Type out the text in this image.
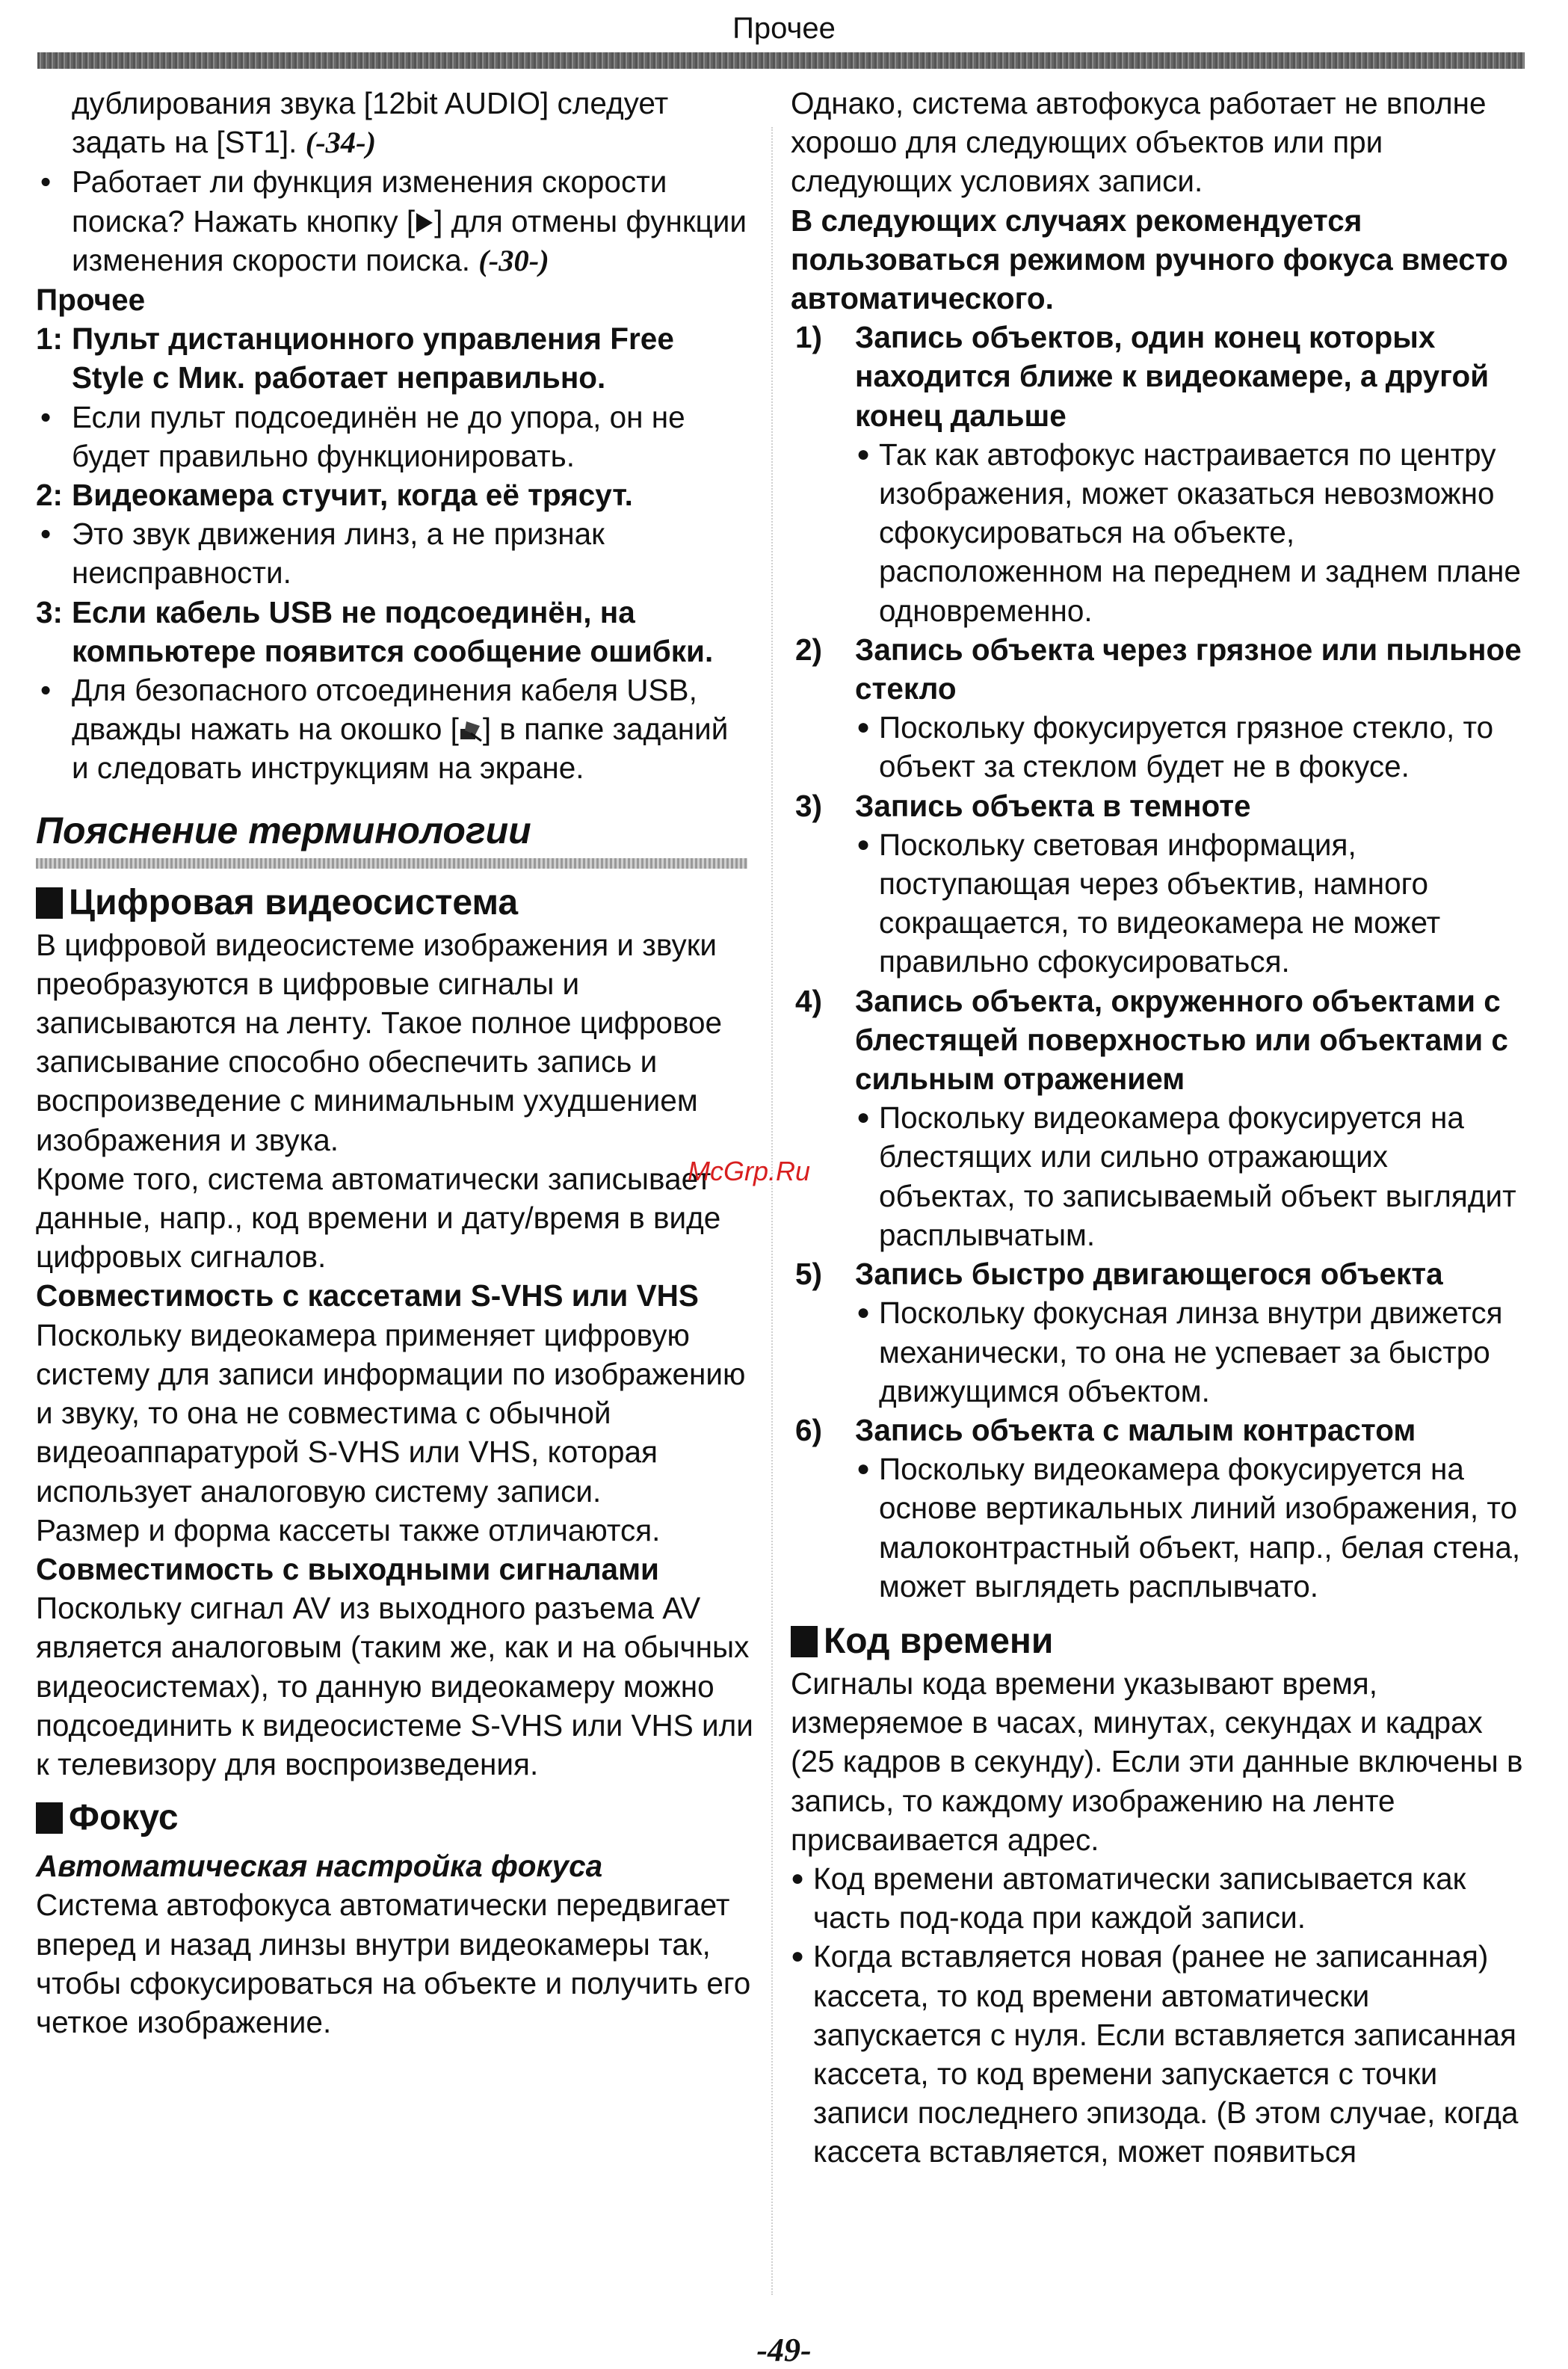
Прочее

дублирования звука [12bit AUDIO] следует задать на [ST1]. (-34-)

• Работает ли функция изменения скорости поиска? Нажать кнопку [ ] для отмены функции изменения скорости поиска. (-30-)

Прочее

1: Пульт дистанционного управления Free Style с Мик. работает неправильно.

• Если пульт подсоединён не до упора, он не будет правильно функционировать.

2: Видеокамера стучит, когда её трясут.

• Это звук движения линз, а не признак неисправности.

3: Если кабель USB не подсоединён, на компьютере появится сообщение ошибки.

• Для безопасного отсоединения кабеля USB, дважды нажать на окошко [ ] в папке заданий и следовать инструкциям на экране.

Пояснение терминологии

Цифровая видеосистема

В цифровой видеосистеме изображения и звуки преобразуются в цифровые сигналы и записываются на ленту. Такое полное цифровое записывание способно обеспечить запись и воспроизведение с минимальным ухудшением изображения и звука.

Кроме того, система автоматически записывает данные, напр., код времени и дату/время в виде цифровых сигналов.

Совместимость с кассетами S-VHS или VHS

Поскольку видеокамера применяет цифровую систему для записи информации по изображению и звуку, то она не совместима с обычной видеоаппаратурой S-VHS или VHS, которая использует аналоговую систему записи.

Размер и форма кассеты также отличаются.

Совместимость с выходными сигналами

Поскольку сигнал AV из выходного разъема AV является аналоговым (таким же, как и на обычных видеосистемах), то данную видеокамеру можно подсоединить к видеосистеме S-VHS или VHS или к телевизору для воспроизведения.

Фокус

Автоматическая настройка фокуса

Система автофокуса автоматически передвигает вперед и назад линзы внутри видеокамеры так, чтобы сфокусироваться на объекте и получить его четкое изображение.

Однако, система автофокуса работает не вполне хорошо для следующих объектов или при следующих условиях записи.

В следующих случаях рекомендуется пользоваться режимом ручного фокуса вместо автоматического.

1) Запись объектов, один конец которых находится ближе к видеокамере, а другой конец дальше

● Так как автофокус настраивается по центру изображения, может оказаться невозможно сфокусироваться на объекте, расположенном на переднем и заднем плане одновременно.

2) Запись объекта через грязное или пыльное стекло

● Поскольку фокусируется грязное стекло, то объект за стеклом будет не в фокусе.

3) Запись объекта в темноте

● Поскольку световая информация, поступающая через объектив, намного сокращается, то видеокамера не может правильно сфокусироваться.

4) Запись объекта, окруженного объектами с блестящей поверхностью или объектами с сильным отражением

● Поскольку видеокамера фокусируется на блестящих или сильно отражающих объектах, то записываемый объект выглядит расплывчатым.

5) Запись быстро двигающегося объекта

● Поскольку фокусная линза внутри движется механически, то она не успевает за быстро движущимся объектом.

6) Запись объекта с малым контрастом

● Поскольку видеокамера фокусируется на основе вертикальных линий изображения, то малоконтрастный объект, напр., белая стена, может выглядеть расплывчато.

Код времени

Сигналы кода времени указывают время, измеряемое в часах, минутах, секундах и кадрах (25 кадров в секунду). Если эти данные включены в запись, то каждому изображению на ленте присваивается адрес.

● Код времени автоматически записывается как часть под-кода при каждой записи.

● Когда вставляется новая (ранее не записанная) кассета, то код времени автоматически запускается с нуля. Если вставляется записанная кассета, то код времени запускается с точки записи последнего эпизода. (В этом случае, когда кассета вставляется, может появиться

McGrp.Ru
-49-
